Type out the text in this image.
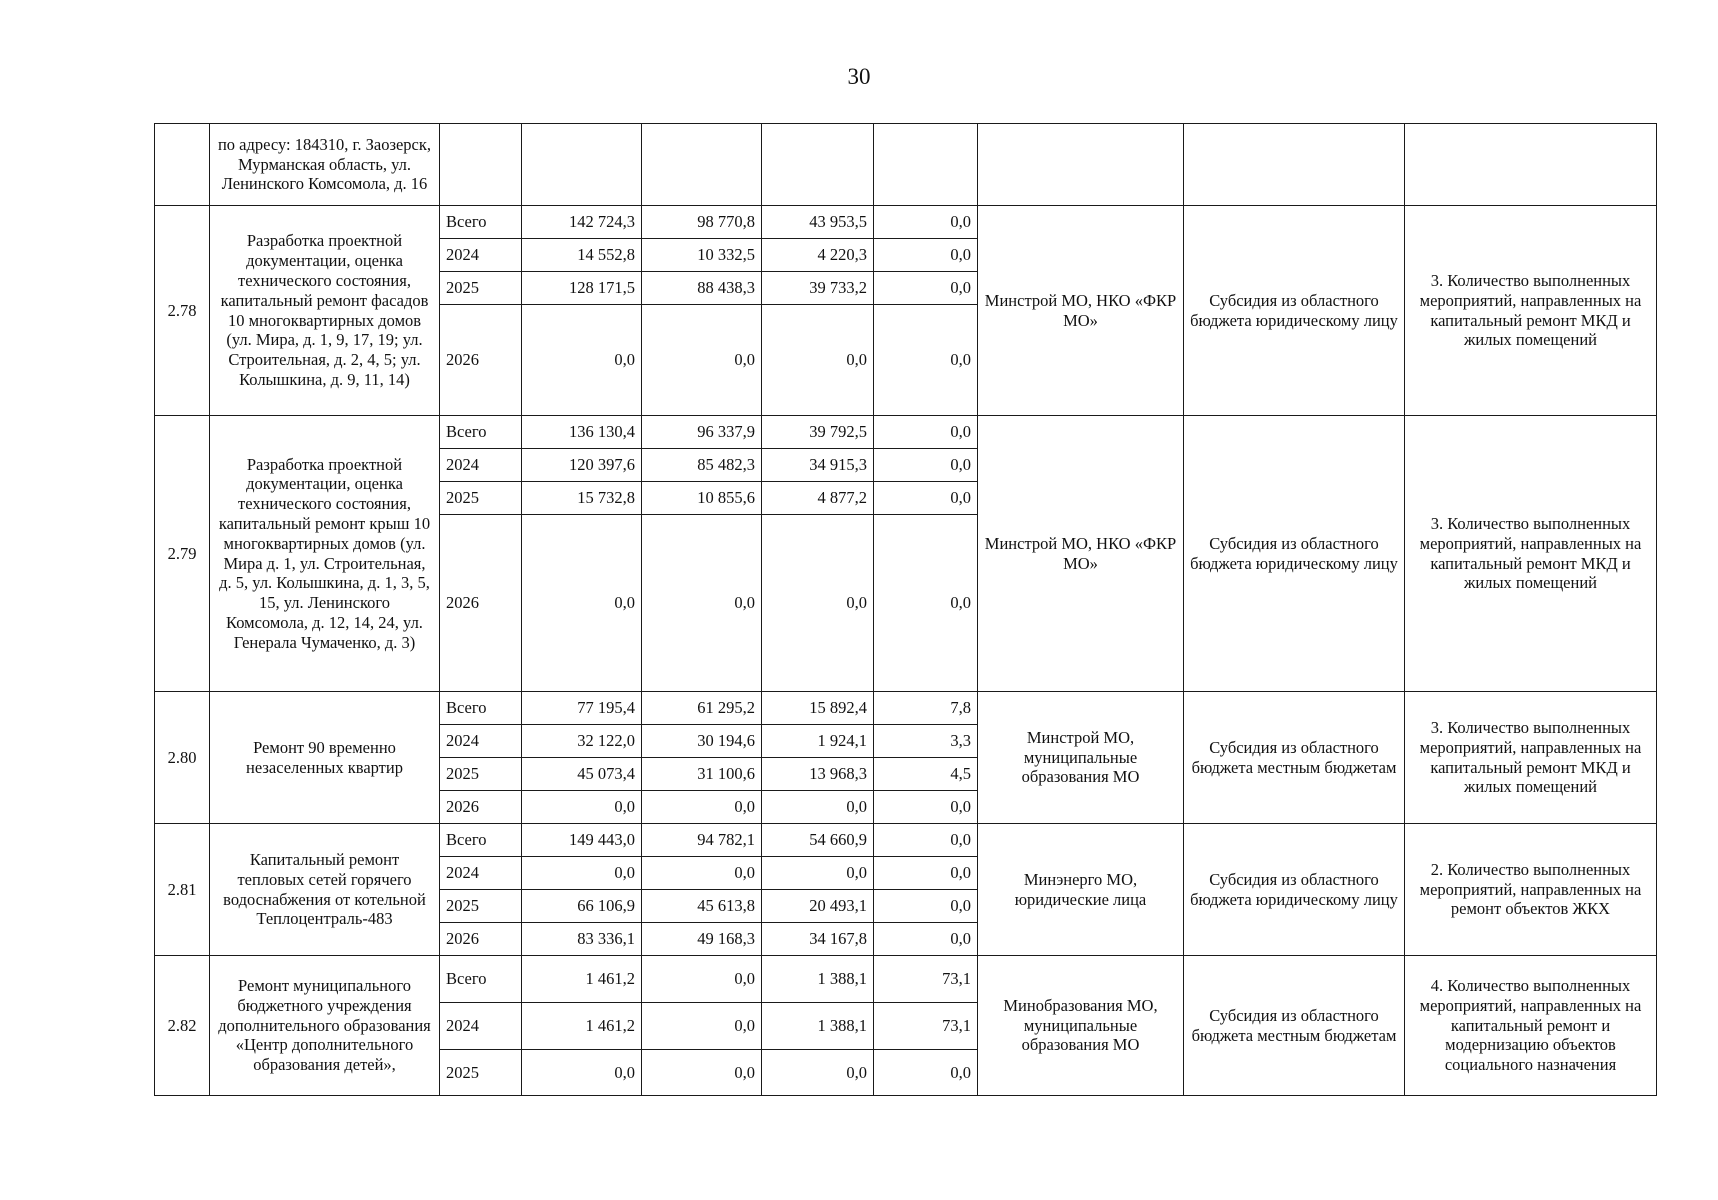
30
	по адресу: 184310, г. Заозерск, Мурманская область, ул. Ленинского Комсомола, д. 16								
2.78	Разработка проектной документации, оценка технического состояния, капитальный ремонт фасадов 10 многоквартирных домов (ул. Мира, д. 1, 9, 17, 19; ул. Строительная, д. 2, 4, 5; ул. Колышкина, д. 9, 11, 14)	Всего	142 724,3	98 770,8	43 953,5	0,0	Минстрой МО, НКО «ФКР МО»	Субсидия из областного бюджета юридическому лицу	3. Количество выполненных мероприятий, направленных на капитальный ремонт МКД и жилых помещений
		2024	14 552,8	10 332,5	4 220,3	0,0			
		2025	128 171,5	88 438,3	39 733,2	0,0			
		2026	0,0	0,0	0,0	0,0			
2.79	Разработка проектной документации, оценка технического состояния, капитальный ремонт крыш 10 многоквартирных домов (ул. Мира д. 1, ул. Строительная, д. 5, ул. Колышкина, д. 1, 3, 5, 15, ул. Ленинского Комсомола, д. 12, 14, 24, ул. Генерала Чумаченко, д. 3)	Всего	136 130,4	96 337,9	39 792,5	0,0	Минстрой МО, НКО «ФКР МО»	Субсидия из областного бюджета юридическому лицу	3. Количество выполненных мероприятий, направленных на капитальный ремонт МКД и жилых помещений
		2024	120 397,6	85 482,3	34 915,3	0,0			
		2025	15 732,8	10 855,6	4 877,2	0,0			
		2026	0,0	0,0	0,0	0,0			
2.80	Ремонт 90 временно незаселенных квартир	Всего	77 195,4	61 295,2	15 892,4	7,8	Минстрой МО, муниципальные образования МО	Субсидия из областного бюджета местным бюджетам	3. Количество выполненных мероприятий, направленных на капитальный ремонт МКД и жилых помещений
		2024	32 122,0	30 194,6	1 924,1	3,3			
		2025	45 073,4	31 100,6	13 968,3	4,5			
		2026	0,0	0,0	0,0	0,0			
2.81	Капитальный ремонт тепловых сетей горячего водоснабжения от котельной Теплоцентраль-483	Всего	149 443,0	94 782,1	54 660,9	0,0	Минэнерго МО, юридические лица	Субсидия из областного бюджета юридическому лицу	2. Количество выполненных мероприятий, направленных на ремонт объектов ЖКХ
		2024	0,0	0,0	0,0	0,0			
		2025	66 106,9	45 613,8	20 493,1	0,0			
		2026	83 336,1	49 168,3	34 167,8	0,0			
2.82	Ремонт муниципального бюджетного учреждения дополнительного образования «Центр дополнительного образования детей»,	Всего	1 461,2	0,0	1 388,1	73,1	Минобразования МО, муниципальные образования МО	Субсидия из областного бюджета местным бюджетам	4. Количество выполненных мероприятий, направленных на капитальный ремонт и модернизацию объектов социального назначения
		2024	1 461,2	0,0	1 388,1	73,1			
		2025	0,0	0,0	0,0	0,0			
